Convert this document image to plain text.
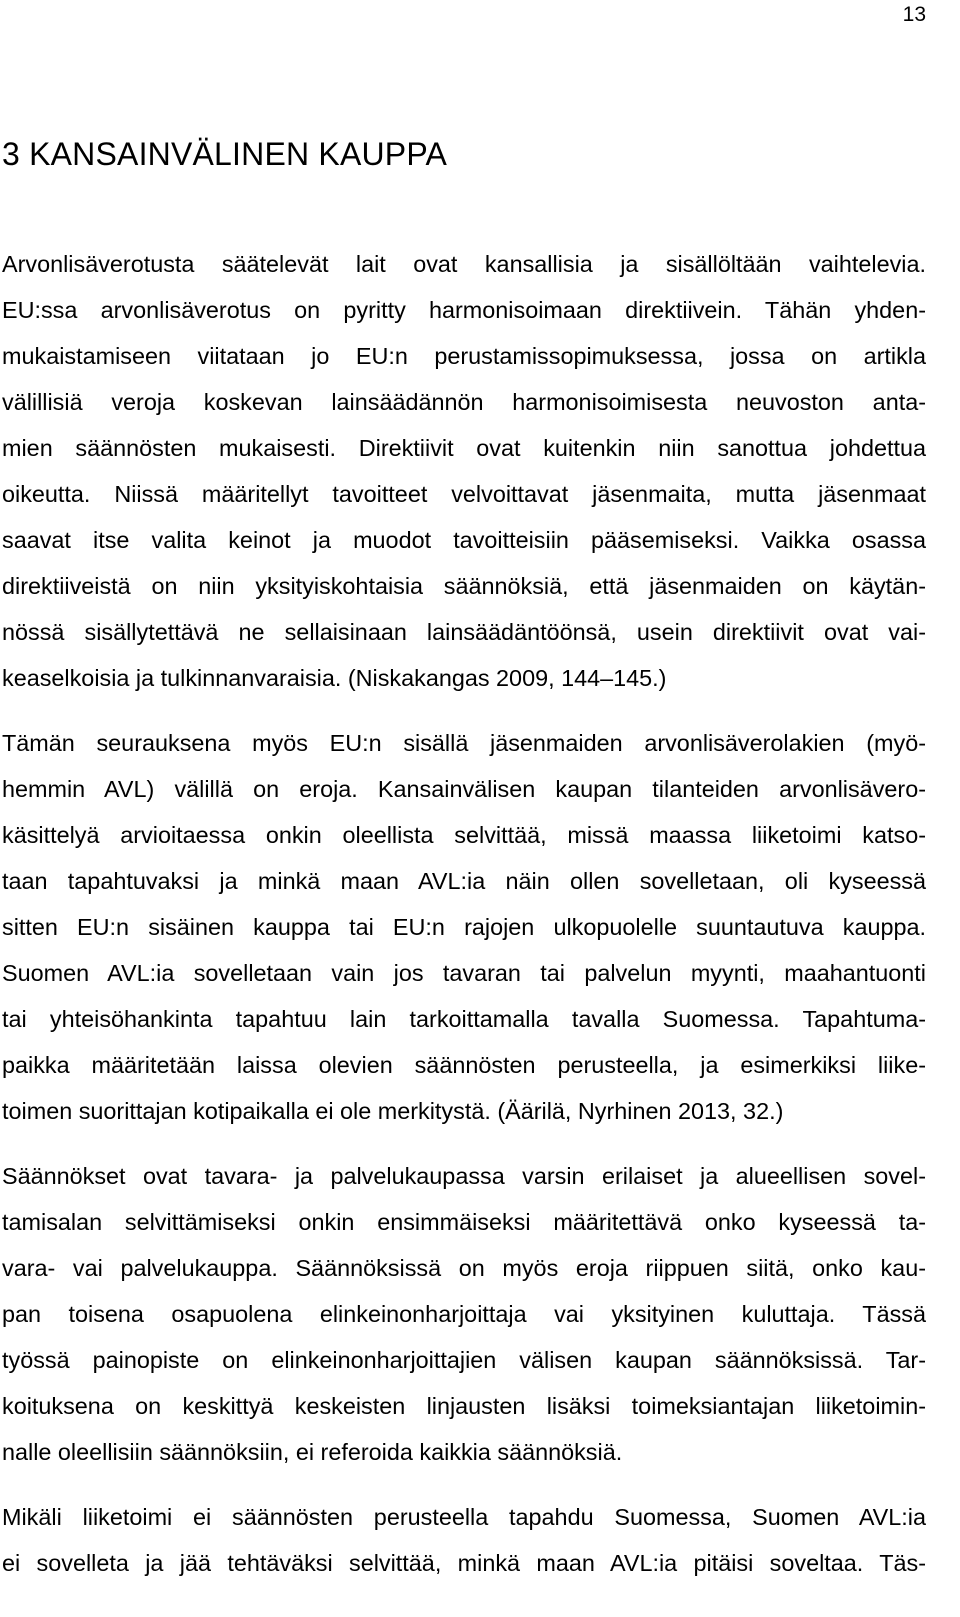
13
3 KANSAINVÄLINEN KAUPPA
Arvonlisäverotusta säätelevät lait ovat kansallisia ja sisällöltään vaihtelevia.
EU:ssa arvonlisäverotus on pyritty harmonisoimaan direktiivein. Tähän yhden-
mukaistamiseen viitataan jo EU:n perustamissopimuksessa, jossa on artikla
välillisiä veroja koskevan lainsäädännön harmonisoimisesta neuvoston anta-
mien säännösten mukaisesti. Direktiivit ovat kuitenkin niin sanottua johdettua
oikeutta. Niissä määritellyt tavoitteet velvoittavat jäsenmaita, mutta jäsenmaat
saavat itse valita keinot ja muodot tavoitteisiin pääsemiseksi. Vaikka osassa
direktiiveistä on niin yksityiskohtaisia säännöksiä, että jäsenmaiden on käytän-
nössä sisällytettävä ne sellaisinaan lainsäädäntöönsä, usein direktiivit ovat vai-
keaselkoisia ja tulkinnanvaraisia. (Niskakangas 2009, 144–145.)
Tämän seurauksena myös EU:n sisällä jäsenmaiden arvonlisäverolakien (myö-
hemmin AVL) välillä on eroja. Kansainvälisen kaupan tilanteiden arvonlisävero-
käsittelyä arvioitaessa onkin oleellista selvittää, missä maassa liiketoimi katso-
taan tapahtuvaksi ja minkä maan AVL:ia näin ollen sovelletaan, oli kyseessä
sitten EU:n sisäinen kauppa tai EU:n rajojen ulkopuolelle suuntautuva kauppa.
Suomen AVL:ia sovelletaan vain jos tavaran tai palvelun myynti, maahantuonti
tai yhteisöhankinta tapahtuu lain tarkoittamalla tavalla Suomessa. Tapahtuma-
paikka määritetään laissa olevien säännösten perusteella, ja esimerkiksi liike-
toimen suorittajan kotipaikalla ei ole merkitystä. (Äärilä, Nyrhinen 2013, 32.)
Säännökset ovat tavara- ja palvelukaupassa varsin erilaiset ja alueellisen sovel-
tamisalan selvittämiseksi onkin ensimmäiseksi määritettävä onko kyseessä ta-
vara- vai palvelukauppa. Säännöksissä on myös eroja riippuen siitä, onko kau-
pan toisena osapuolena elinkeinonharjoittaja vai yksityinen kuluttaja. Tässä
työssä painopiste on elinkeinonharjoittajien välisen kaupan säännöksissä. Tar-
koituksena on keskittyä keskeisten linjausten lisäksi toimeksiantajan liiketoimin-
nalle oleellisiin säännöksiin, ei referoida kaikkia säännöksiä.
Mikäli liiketoimi ei säännösten perusteella tapahdu Suomessa, Suomen AVL:ia
ei sovelleta ja jää tehtäväksi selvittää, minkä maan AVL:ia pitäisi soveltaa. Täs-
